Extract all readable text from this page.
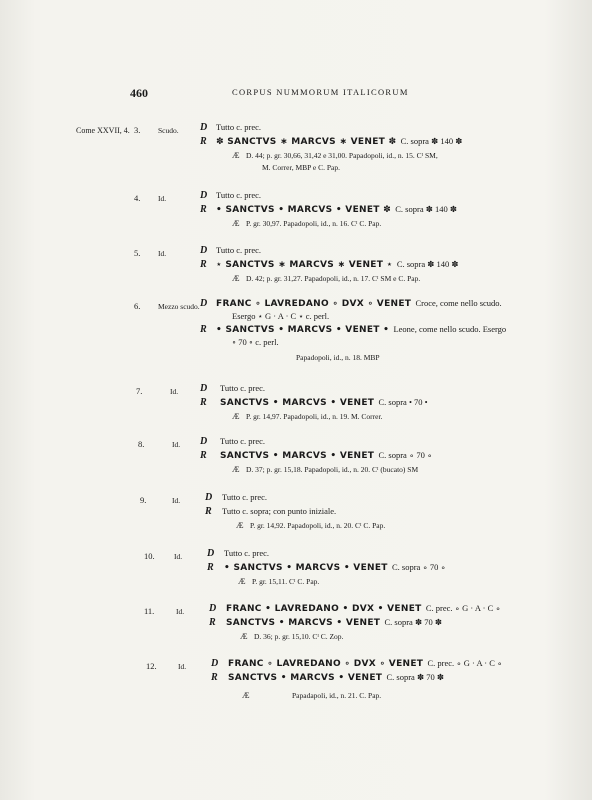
460	CORPUS NUMMORUM ITALICORUM
Come XXVII, 4. 3. Scudo. D Tutto c. prec.
R ✽ SANCTVS ∗ MARCVS ∗ VENET ✽ C. sopra ✽ 140 ✽
Æ D. 44; p. gr. 30,66, 31,42 e 31,00. Papadopoli, id., n. 15. Cᴵ SM,
M. Correr, MBP e C. Pap.
4. Id.	D Tutto c. prec.
R • SANCTVS • MARCVS • VENET ✽ C. sopra ✽ 140 ✽
Æ P. gr. 30,97. Papadopoli, id., n. 16. Cᴵ C. Pap.
5. Id.	D Tutto c. prec.
R ⋆ SANCTVS ∗ MARCVS ∗ VENET ⋆ C. sopra ✽ 140 ✽
Æ D. 42; p. gr. 31,27. Papadopoli, id., n. 17. Cᴵ SM e C. Pap.
6. Mezzo scudo. D FRANC ∘ LAVREDANO ∘ DVX ∘ VENET Croce, come nello scudo.
Esergo ⋆ G · A · C ⋆ c. perl.
R • SANCTVS • MARCVS • VENET • Leone, come nello scudo. Esergo
∘ 70 ∘ c. perl.
Papadopoli, id., n. 18. MBP
7.	Id. D Tutto c. prec.
R SANCTVS • MARCVS • VENET C. sopra • 70 •
Æ P. gr. 14,97. Papadopoli, id., n. 19. M. Correr.
8.	Id. D Tutto c. prec.
R SANCTVS • MARCVS • VENET C. sopra ∘ 70 ∘
Æ D. 37; p. gr. 15,18. Papadopoli, id., n. 20. Cᴵ (bucato) SM
9.	Id. D Tutto c. prec.
R Tutto c. sopra; con punto iniziale.
Æ P. gr. 14,92. Papadopoli, id., n. 20. Cᴵ C. Pap.
10.	Id. D Tutto c. prec.
R • SANCTVS • MARCVS • VENET C. sopra ∘ 70 ∘
Æ P. gr. 15,11. Cᴵ C. Pap.
11.	Id. D FRANC • LAVREDANO • DVX • VENET C. prec. ∘ G · A · C ∘
R SANCTVS • MARCVS • VENET C. sopra ✽ 70 ✽
Æ D. 36; p. gr. 15,10. Cᴵ C. Zop.
12.	Id. D FRANC ∘ LAVREDANO ∘ DVX ∘ VENET C. prec. ∘ G · A · C ∘
R SANCTVS • MARCVS • VENET C. sopra ✽ 70 ✽
Æ	Papadapoli, id., n. 21. C. Pap.
